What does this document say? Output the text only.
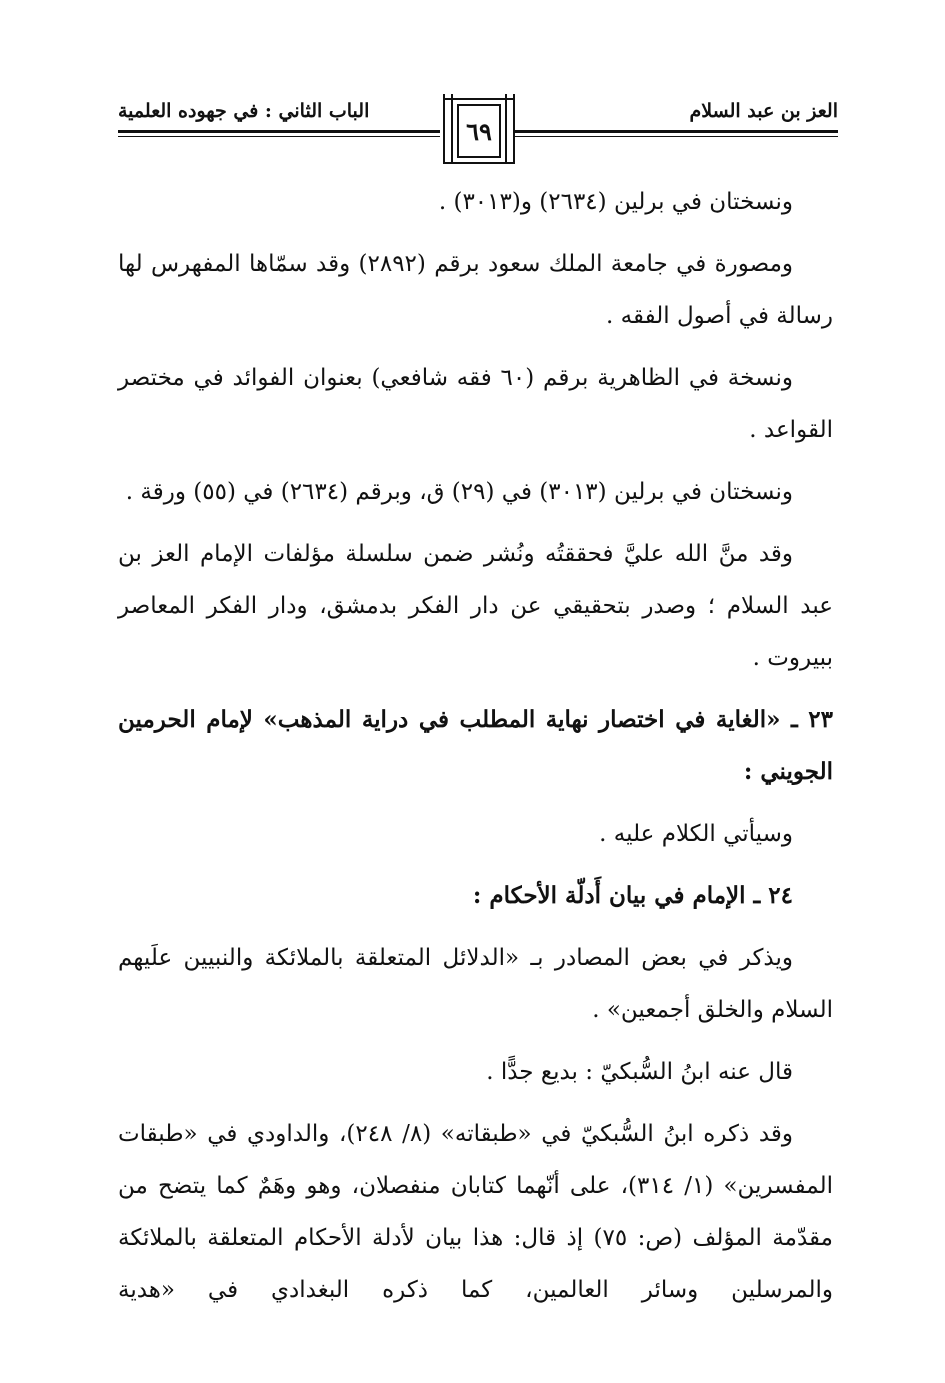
الباب الثاني : في جهوده العلمية
٦٩
العز بن عبد السلام

ونسختان في برلين (٢٦٣٤) و(٣٠١٣) .

ومصورة في جامعة الملك سعود برقم (٢٨٩٢) وقد سمّاها المفهرس لها رسالة في أصول الفقه .

ونسخة في الظاهرية برقم (٦٠ فقه شافعي) بعنوان الفوائد في مختصر القواعد .

ونسختان في برلين (٣٠١٣) في (٢٩) ق، وبرقم (٢٦٣٤) في (٥٥) ورقة .

وقد منَّ الله عليَّ فحققتُه ونُشر ضمن سلسلة مؤلفات الإمام العز بن عبد السلام ؛ وصدر بتحقيقي عن دار الفكر بدمشق، ودار الفكر المعاصر ببيروت .

٢٣ ـ «الغاية في اختصار نهاية المطلب في دراية المذهب» لإمام الحرمين الجويني :

وسيأتي الكلام عليه .

٢٤ ـ الإمام في بيان أَدلّة الأحكام :

ويذكر في بعض المصادر بـ «الدلائل المتعلقة بالملائكة والنبيين علَيهم السلام والخلق أجمعين» .

قال عنه ابنُ السُّبكيّ : بديع جدًّا .

وقد ذكره ابنُ السُّبكيّ في «طبقاته» (٨/ ٢٤٨)، والداودي في «طبقات المفسرين» (١/ ٣١٤)، على أنّهما كتابان منفصلان، وهو وهَمٌ كما يتضح من مقدّمة المؤلف (ص: ٧٥) إذ قال: هذا بيان لأدلة الأحكام المتعلقة بالملائكة والمرسلين وسائر العالمين، كما ذكره البغدادي في «هدية
